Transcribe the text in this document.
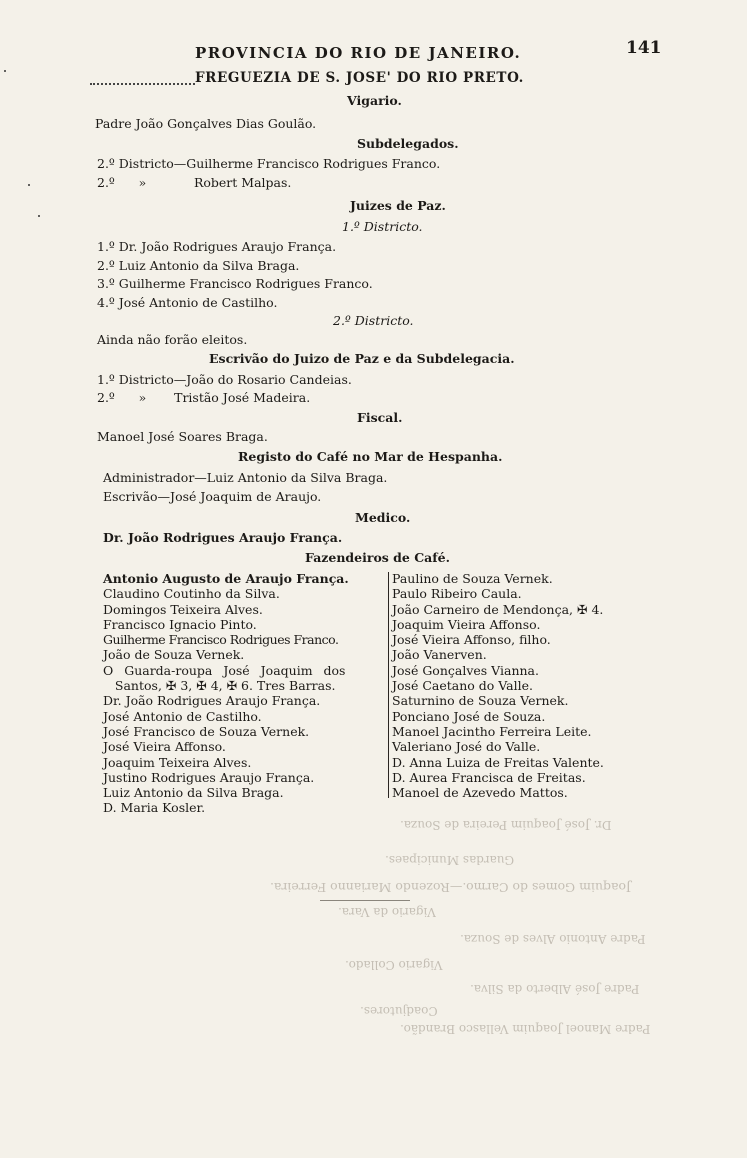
PROVINCIA DO RIO DE JANEIRO.	141
FREGUEZIA DE S. JOSE' DO RIO PRETO.
Vigario.
Padre João Gonçalves Dias Goulão.
Subdelegados.
2.º Districto—Guilherme Francisco Rodrigues Franco.
2.º      »            Robert Malpas.
Juizes de Paz.
1.º Districto.
1.º Dr. João Rodrigues Araujo França.
2.º Luiz Antonio da Silva Braga.
3.º Guilherme Francisco Rodrigues Franco.
4.º José Antonio de Castilho.
2.º Districto.
Ainda não forão eleitos.
Escrivão do Juizo de Paz e da Subdelegacia.
1.º Districto—João do Rosario Candeias.
2.º      »       Tristão José Madeira.
Fiscal.
Manoel José Soares Braga.
Registo do Café no Mar de Hespanha.
Administrador—Luiz Antonio da Silva Braga.
Escrivão—José Joaquim de Araujo.
Medico.
Dr. João Rodrigues Araujo França.
Fazendeiros de Café.
Antonio Augusto de Araujo França.
Claudino Coutinho da Silva.
Domingos Teixeira Alves.
Francisco Ignacio Pinto.
Guilherme Francisco Rodrigues Franco.
João de Souza Vernek.
O Guarda-roupa José Joaquim dos
Santos, ✠ 3, ✠ 4, ✠ 6. Tres Barras.
Dr. João Rodrigues Araujo França.
José Antonio de Castilho.
José Francisco de Souza Vernek.
José Vieira Affonso.
Joaquim Teixeira Alves.
Justino Rodrigues Araujo França.
Luiz Antonio da Silva Braga.
D. Maria Kosler.
Paulino de Souza Vernek.
Paulo Ribeiro Caula.
João Carneiro de Mendonça, ✠ 4.
Joaquim Vieira Affonso.
José Vieira Affonso, filho.
João Vanerven.
José Gonçalves Vianna.
José Caetano do Valle.
Saturnino de Souza Vernek.
Ponciano José de Souza.
Manoel Jacintho Ferreira Leite.
Valeriano José do Valle.
D. Anna Luiza de Freitas Valente.
D. Aurea Francisca de Freitas.
Manoel de Azevedo Mattos.
Dr. José Joaquim Pereira de Souza.
Guardas Municipaes.
Joaquim Gomes do Carmo.—Rozendo Marianno Ferreira.
Vigario da Vara.
Padre Antonio Alves de Souza.
Vigario Collado.
Padre José Alberto da Silva.
Coadjutores.
Padre Manoel Joaquim Vellasco Brandão.
